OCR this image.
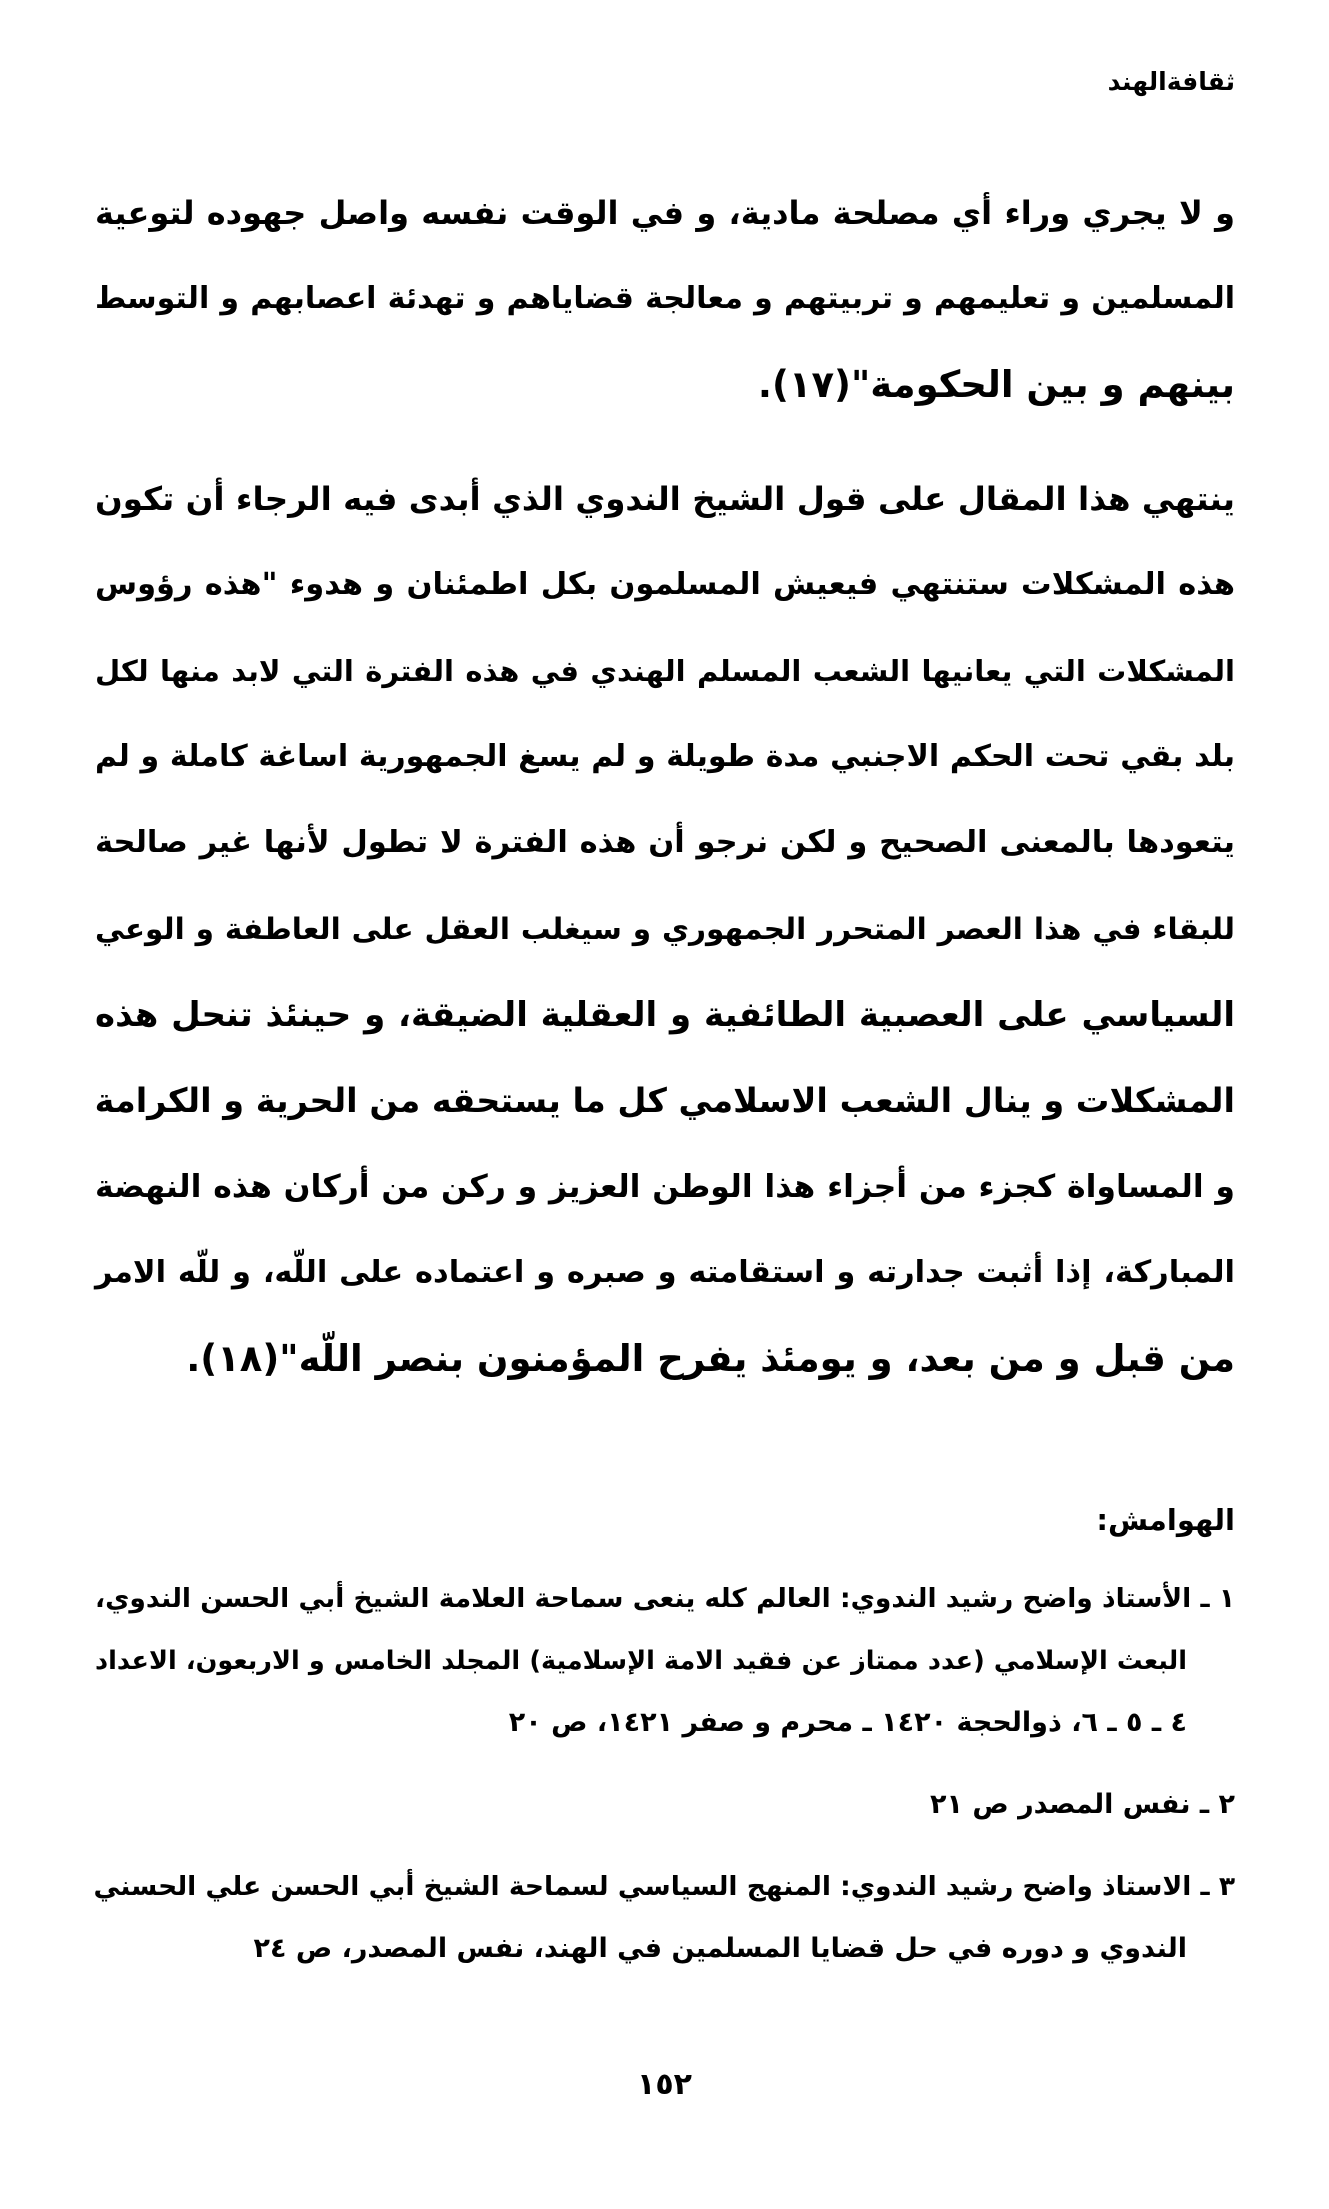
ثقافةالهند
و لا يجري وراء أي مصلحة مادية، و في الوقت نفسه واصل جهوده لتوعية
المسلمين و تعليمهم و تربيتهم و معالجة قضاياهم و تهدئة اعصابهم و التوسط
بينهم و بين الحكومة"(١٧).
ينتهي هذا المقال على قول الشيخ الندوي الذي أبدى فيه الرجاء أن تكون
هذه المشكلات ستنتهي فيعيش المسلمون بكل اطمئنان و هدوء "هذه رؤوس
المشكلات التي يعانيها الشعب المسلم الهندي في هذه الفترة التي لابد منها لكل
بلد بقي تحت الحكم الاجنبي مدة طويلة و لم يسغ الجمهورية اساغة كاملة و لم
يتعودها بالمعنى الصحيح و لكن نرجو أن هذه الفترة لا تطول لأنها غير صالحة
للبقاء في هذا العصر المتحرر الجمهوري و سيغلب العقل على العاطفة و الوعي
السياسي على العصبية الطائفية و العقلية الضيقة، و حينئذ تنحل هذه
المشكلات و ينال الشعب الاسلامي كل ما يستحقه من الحرية و الكرامة
و المساواة كجزء من أجزاء هذا الوطن العزيز و ركن من أركان هذه النهضة
المباركة، إذا أثبت جدارته و استقامته و صبره و اعتماده على اللّه، و للّه الامر
من قبل و من بعد، و يومئذ يفرح المؤمنون بنصر اللّه"(١٨).
الهوامش:
١ ـ الأستاذ واضح رشيد الندوي: العالم كله ينعى سماحة العلامة الشيخ أبي الحسن الندوي،
البعث الإسلامي (عدد ممتاز عن فقيد الامة الإسلامية) المجلد الخامس و الاربعون، الاعداد
٤ ـ ٥ ـ ٦، ذوالحجة ١٤٢٠ ـ محرم و صفر ١٤٢١، ص ٢٠
٢ ـ نفس المصدر ص ٢١
٣ ـ الاستاذ واضح رشيد الندوي: المنهج السياسي لسماحة الشيخ أبي الحسن علي الحسني
الندوي و دوره في حل قضايا المسلمين في الهند، نفس المصدر، ص ٢٤
١٥٢
